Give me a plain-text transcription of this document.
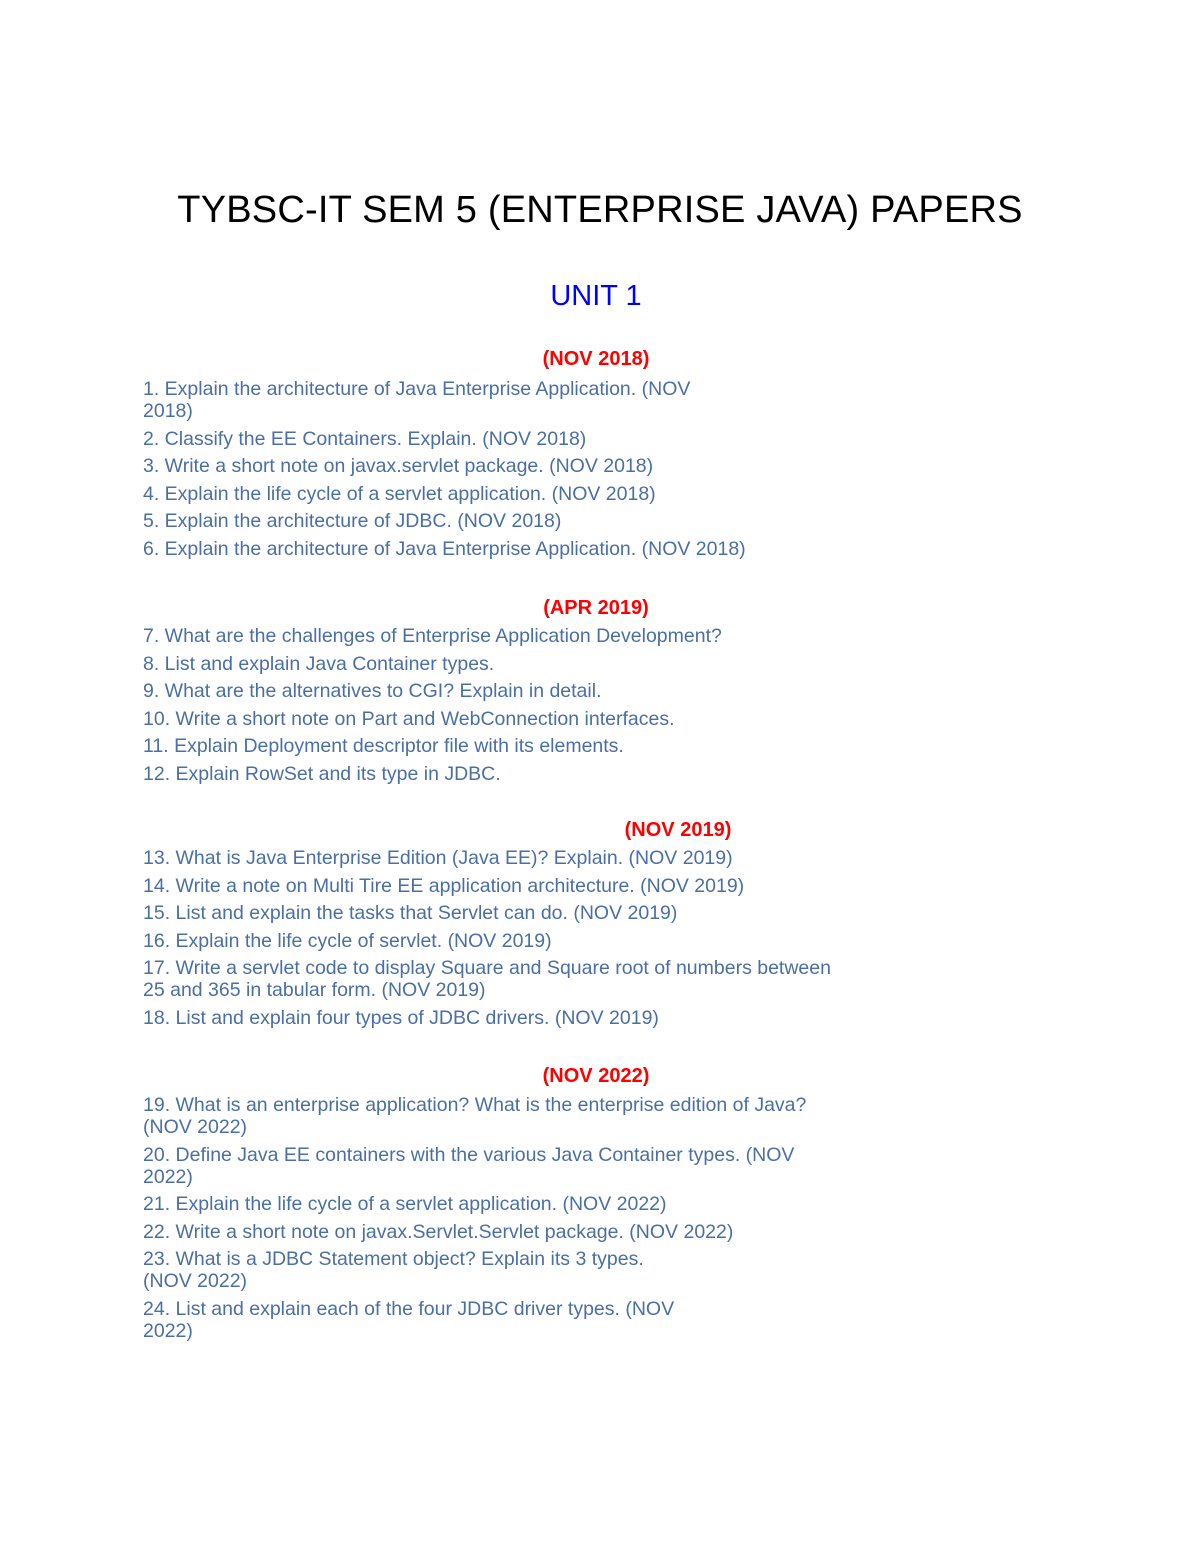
TYBSC-IT SEM 5 (ENTERPRISE JAVA) PAPERS
UNIT 1
(NOV 2018)
1. Explain the architecture of Java Enterprise Application. (NOV
2018)
2. Classify the EE Containers. Explain. (NOV 2018)
3. Write a short note on javax.servlet package. (NOV 2018)
4. Explain the life cycle of a servlet application. (NOV 2018)
5. Explain the architecture of JDBC. (NOV 2018)
6. Explain the architecture of Java Enterprise Application. (NOV 2018)
(APR 2019)
7. What are the challenges of Enterprise Application Development?
8. List and explain Java Container types.
9. What are the alternatives to CGI? Explain in detail.
10. Write a short note on Part and WebConnection interfaces.
11. Explain Deployment descriptor file with its elements.
12. Explain RowSet and its type in JDBC.
(NOV 2019)
13. What is Java Enterprise Edition (Java EE)? Explain. (NOV 2019)
14. Write a note on Multi Tire EE application architecture. (NOV 2019)
15. List and explain the tasks that Servlet can do. (NOV 2019)
16. Explain the life cycle of servlet. (NOV 2019)
17. Write a servlet code to display Square and Square root of numbers between
25 and 365 in tabular form. (NOV 2019)
18. List and explain four types of JDBC drivers. (NOV 2019)
(NOV 2022)
19. What is an enterprise application? What is the enterprise edition of Java?
(NOV 2022)
20. Define Java EE containers with the various Java Container types. (NOV
2022)
21. Explain the life cycle of a servlet application. (NOV 2022)
22. Write a short note on javax.Servlet.Servlet package. (NOV 2022)
23. What is a JDBC Statement object? Explain its 3 types.
(NOV 2022)
24. List and explain each of the four JDBC driver types. (NOV
2022)
